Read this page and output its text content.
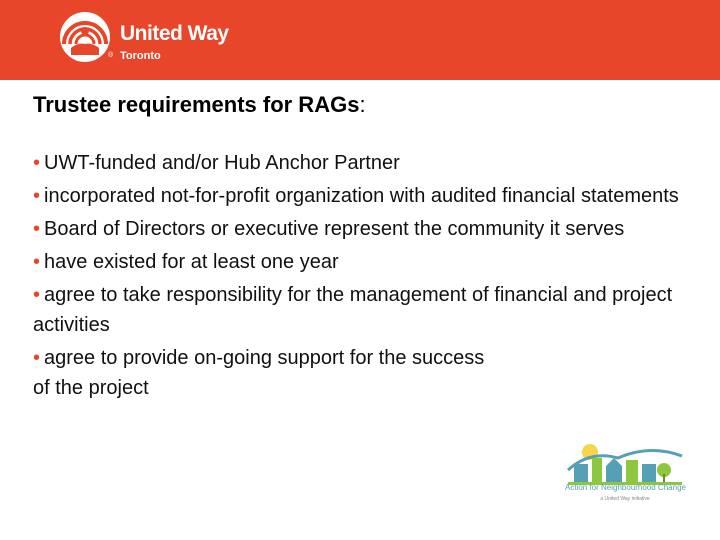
®
United Way
Toronto
Trustee requirements for RAGs:
• UWT-funded and/or Hub Anchor Partner
• incorporated not-for-profit organization with audited financial statements
• Board of Directors or executive represent the community it serves
• have existed for at least one year
• agree to take responsibility for the management of financial and project activities
• agree to provide on-going support for the success of the project
Action for Neighbourhood Change
a United Way initiative
